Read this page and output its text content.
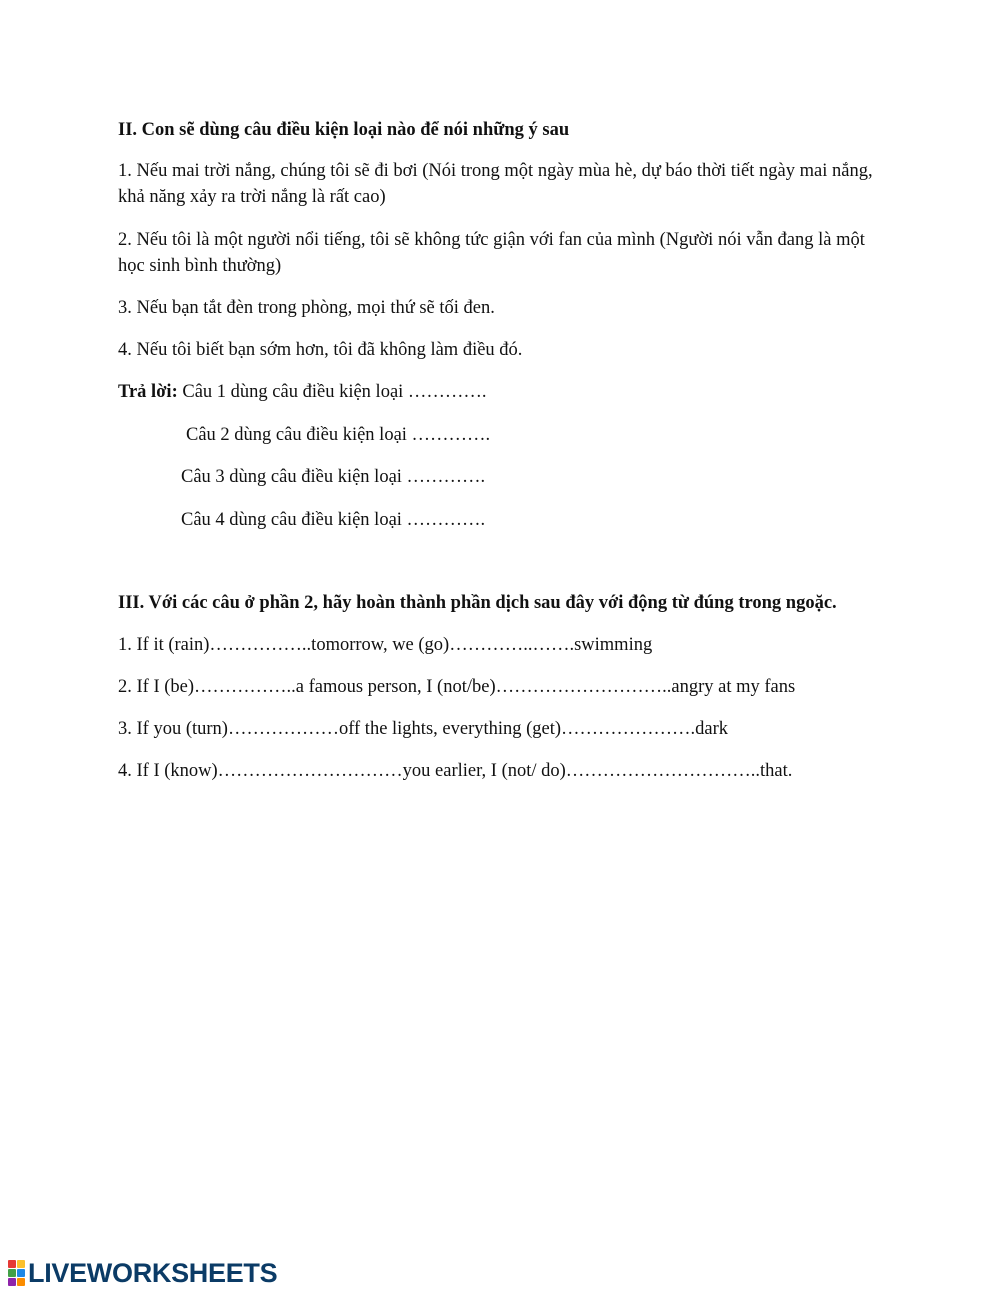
II. Con sẽ dùng câu điều kiện loại nào để nói những ý sau
1. Nếu mai trời nắng, chúng tôi sẽ đi bơi (Nói trong một ngày mùa hè, dự báo thời tiết ngày mai nắng, khả năng xảy ra trời nắng là rất cao)
2. Nếu tôi là một người nổi tiếng, tôi sẽ không tức giận với fan của mình (Người nói vẫn đang là một học sinh bình thường)
3. Nếu bạn tắt đèn trong phòng, mọi thứ sẽ tối đen.
4. Nếu tôi biết bạn sớm hơn, tôi đã không làm điều đó.
Trả lời: Câu 1 dùng câu điều kiện loại ………….
Câu 2 dùng câu điều kiện loại ………….
Câu 3 dùng câu điều kiện loại ………….
Câu 4 dùng câu điều kiện loại ………….
III. Với các câu ở phần 2, hãy hoàn thành phần dịch sau đây với động từ đúng trong ngoặc.
1. If it (rain)……………..tomorrow, we (go)…………..…….swimming
2. If I (be)……………..a famous person, I (not/be)………………………..angry at my fans
3. If you (turn)………………off the lights, everything (get)………………….dark
4. If I (know)…………………………you earlier, I (not/ do)…………………………..that.
LIVEWORKSHEETS
